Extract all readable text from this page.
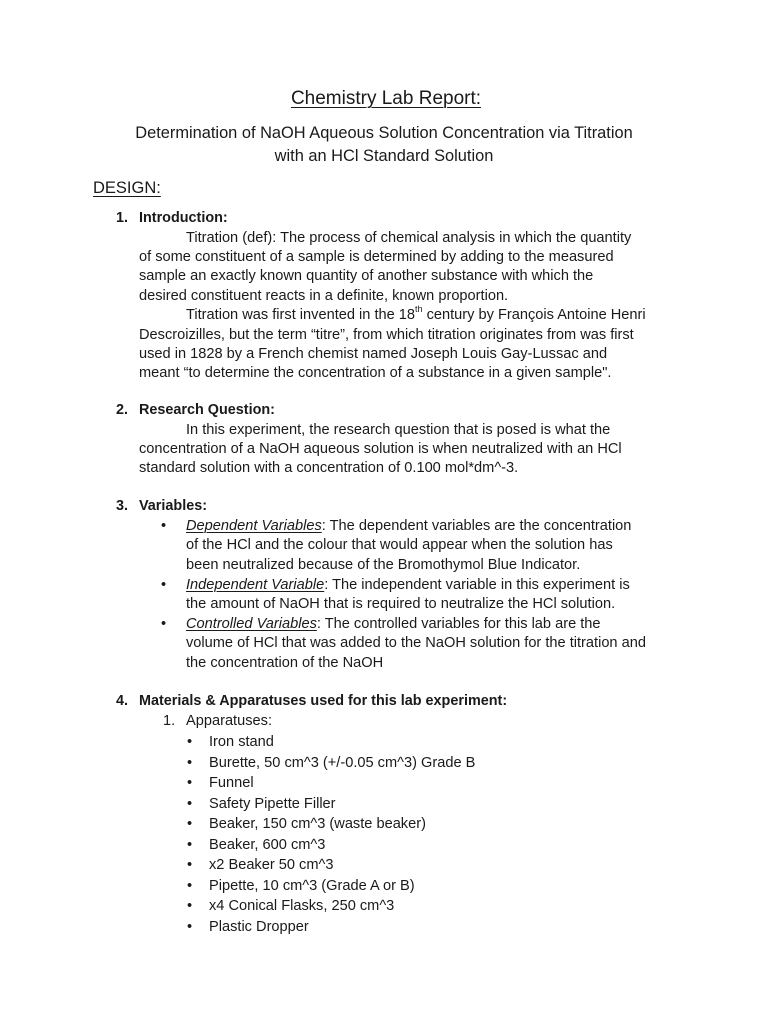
Chemistry Lab Report:
Determination of NaOH Aqueous Solution Concentration via Titration
with an HCl Standard Solution
DESIGN:
1. Introduction:
Titration (def): The process of chemical analysis in which the quantity
of some constituent of a sample is determined by adding to the measured
sample an exactly known quantity of another substance with which the
desired constituent reacts in a definite, known proportion.
Titration was first invented in the 18th century by François Antoine Henri
Descroizilles, but the term “titre”, from which titration originates from was first
used in 1828 by a French chemist named Joseph Louis Gay-Lussac and
meant “to determine the concentration of a substance in a given sample".
2. Research Question:
In this experiment, the research question that is posed is what the
concentration of a NaOH aqueous solution is when neutralized with an HCl
standard solution with a concentration of 0.100 mol*dm^-3.
3. Variables:
• Dependent Variables: The dependent variables are the concentration
of the HCl and the colour that would appear when the solution has
been neutralized because of the Bromothymol Blue Indicator.
• Independent Variable: The independent variable in this experiment is
the amount of NaOH that is required to neutralize the HCl solution.
• Controlled Variables: The controlled variables for this lab are the
volume of HCl that was added to the NaOH solution for the titration and
the concentration of the NaOH
4. Materials & Apparatuses used for this lab experiment:
1. Apparatuses:
• Iron stand
• Burette, 50 cm^3 (+/-0.05 cm^3) Grade B
• Funnel
• Safety Pipette Filler
• Beaker, 150 cm^3 (waste beaker)
• Beaker, 600 cm^3
• x2 Beaker 50 cm^3
• Pipette, 10 cm^3 (Grade A or B)
• x4 Conical Flasks, 250 cm^3
• Plastic Dropper
